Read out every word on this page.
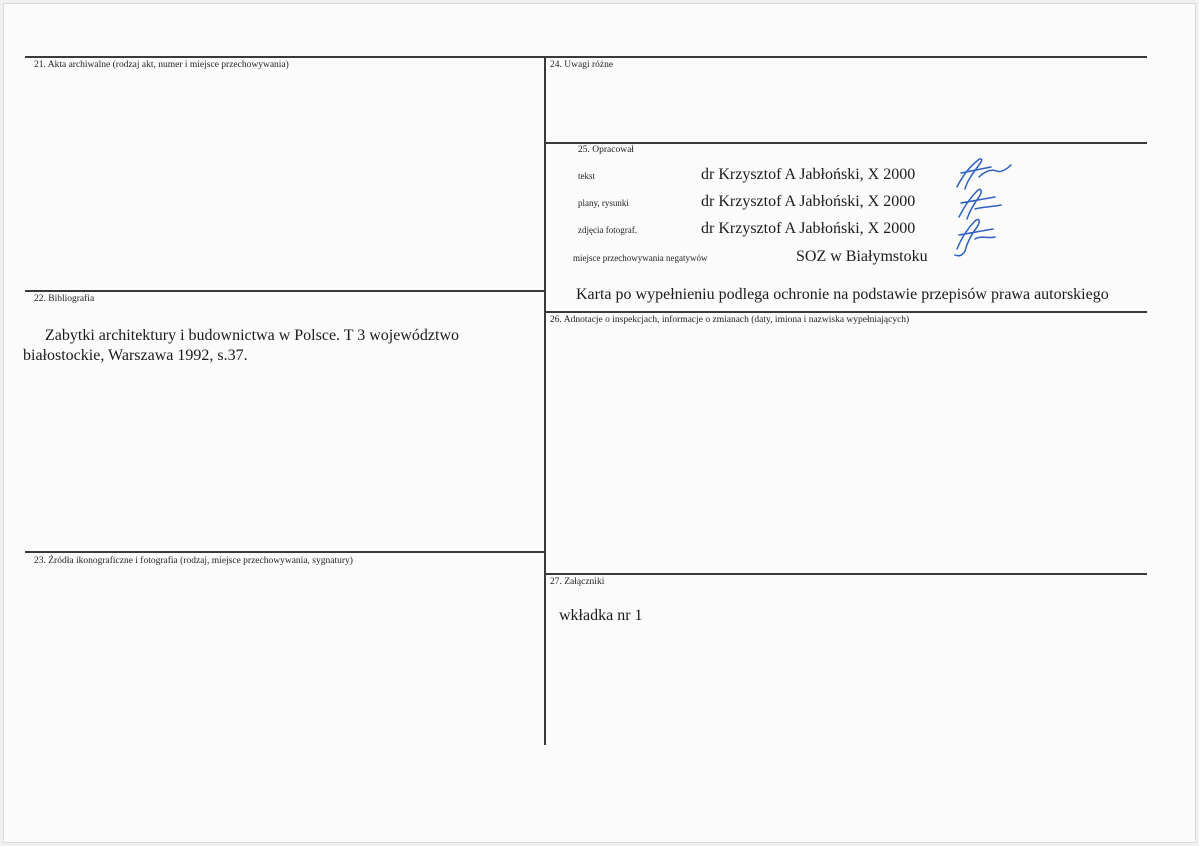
21. Akta archiwalne (rodzaj akt, numer i miejsce przechowywania)	24. Uwagi różne
25. Opracował
tekst	dr Krzysztof A Jabłoński, X 2000
plany, rysunki	dr Krzysztof A Jabłoński, X 2000
zdjęcia fotograf.	dr Krzysztof A Jabłoński, X 2000
miejsce przechowywania negatywów	SOZ w Białymstoku
Karta po wypełnieniu podlega ochronie na podstawie przepisów prawa autorskiego
22. Bibliografia
Zabytki architektury i budownictwa w Polsce. T 3 województwo
białostockie, Warszawa 1992, s.37.
26. Adnotacje o inspekcjach, informacje o zmianach (daty, imiona i nazwiska wypełniających)
23. Źródła ikonograficzne i fotografia (rodzaj, miejsce przechowywania, sygnatury)
27. Załączniki
wkładka nr 1
